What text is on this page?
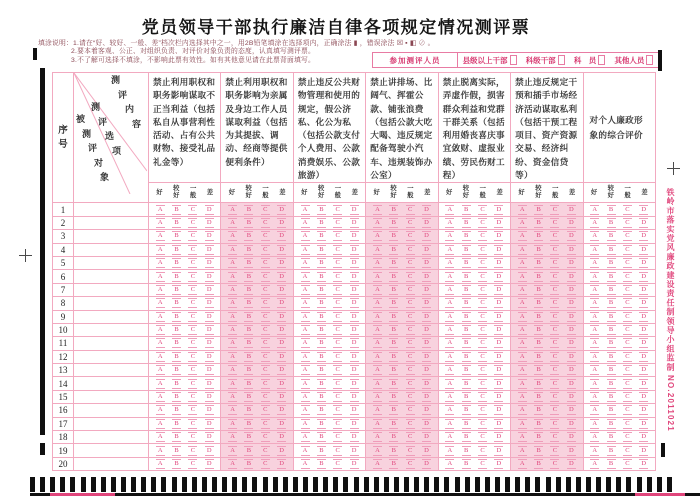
党员领导干部执行廉洁自律各项规定情况测评票
填涂说明：1.请在“好、较好、一般、差”档次栏内选择其中之一，用2B铅笔填涂在选择项内，正确涂法 ▮ ，错误涂法 ☒ ▪ ◧ ⊘ 。
2.要本着客观、公正、对组织负责、对评价对象负责的态度，认真填写测评票。
3.不了解可选择不填涂，不影响此票有效性。如有其他意见请在此票背面填写。	参加测评人员	县级以上干部 科级干部 科　员 其他人员
序
号	
测
评
内
容
测
评
选
项
被
测
评
对
象
	禁止利用职权和职务影响谋取不正当利益（包括私自从事营利性活动、占有公共财物、接受礼品礼金等）	禁止利用职权和职务影响为亲属及身边工作人员谋取利益（包括为其提拔、调动、经商等提供便利条件）	禁止违反公共财物管理和使用的规定，假公济私、化公为私（包括公款支付个人费用、公款消费娱乐、公款旅游）	禁止讲排场、比阔气、挥霍公款、铺张浪费（包括公款大吃大喝、违反规定配备驾驶小汽车、违规装饰办公室）	禁止脱离实际，弄虚作假，损害群众利益和党群干群关系（包括利用婚丧喜庆事宜敛财、虚报业绩、劳民伤财工程）	禁止违反规定干预和插手市场经济活动谋取私利（包括干预工程项目、资产资源交易、经济纠纷、资金信贷等）	对个人廉政形象的综合评价

好 较
好
一
般 差	好 较
好
一
般 差	好 较
好
一
般 差	好 较
好
一
般 差	好 较
好
一
般 差	好 较
好
一
般 差	好 较
好
一
般 差

1		A B C D	A B C D	A B C D	A B C D	A B C D	A B C D	A B C D

2		A B C D	A B C D	A B C D	A B C D	A B C D	A B C D	A B C D

3		A B C D	A B C D	A B C D	A B C D	A B C D	A B C D	A B C D

4		A B C D	A B C D	A B C D	A B C D	A B C D	A B C D	A B C D

5		A B C D	A B C D	A B C D	A B C D	A B C D	A B C D	A B C D

6		A B C D	A B C D	A B C D	A B C D	A B C D	A B C D	A B C D

7		A B C D	A B C D	A B C D	A B C D	A B C D	A B C D	A B C D

8		A B C D	A B C D	A B C D	A B C D	A B C D	A B C D	A B C D

9		A B C D	A B C D	A B C D	A B C D	A B C D	A B C D	A B C D

10		A B C D	A B C D	A B C D	A B C D	A B C D	A B C D	A B C D

11		A B C D	A B C D	A B C D	A B C D	A B C D	A B C D	A B C D

12		A B C D	A B C D	A B C D	A B C D	A B C D	A B C D	A B C D

13		A B C D	A B C D	A B C D	A B C D	A B C D	A B C D	A B C D

14		A B C D	A B C D	A B C D	A B C D	A B C D	A B C D	A B C D

15		A B C D	A B C D	A B C D	A B C D	A B C D	A B C D	A B C D

16		A B C D	A B C D	A B C D	A B C D	A B C D	A B C D	A B C D

17		A B C D	A B C D	A B C D	A B C D	A B C D	A B C D	A B C D

18		A B C D	A B C D	A B C D	A B C D	A B C D	A B C D	A B C D

19		A B C D	A B C D	A B C D	A B C D	A B C D	A B C D	A B C D

20		A B C D	A B C D	A B C D	A B C D	A B C D	A B C D	A B C D
铁岭市落实党风廉政建设责任制领导小组监制NO.2011021
